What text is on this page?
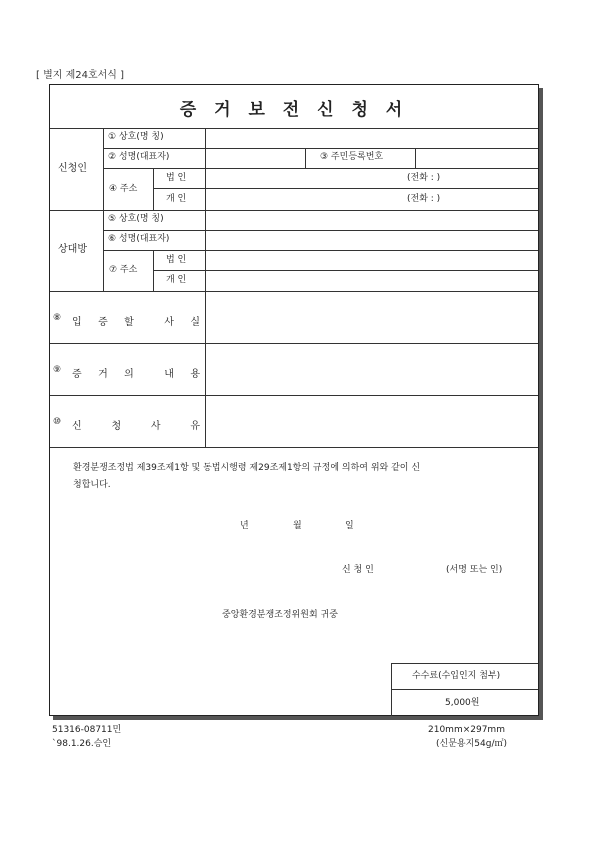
[ 별지 제24호서식 ]
증 거 보 전 신 청 서
신청인
① 상호(명 칭)
② 성명(대표자)	③ 주민등록번호
④ 주소
법 인	(전화 : )
개 인	(전화 : )
상대방
⑤ 상호(명 칭)
⑥ 성명(대표자)
⑦ 주소
법 인
개 인
⑧ 입 증 할	사 실
⑨ 증 거 의	내 용
⑩ 신	청	사	유
환경분쟁조정법 제39조제1항 및 동법시행령 제29조제1항의 규정에 의하여 위와 같이 신
청합니다.
년	월	일
신 청 인	(서명 또는 인)
중앙환경분쟁조정위원회 귀중
수수료(수입인지 첨부)
5,000원
51316-08711민
`98.1.26.승인
210mm×297mm
(신문용지54g/㎡)
